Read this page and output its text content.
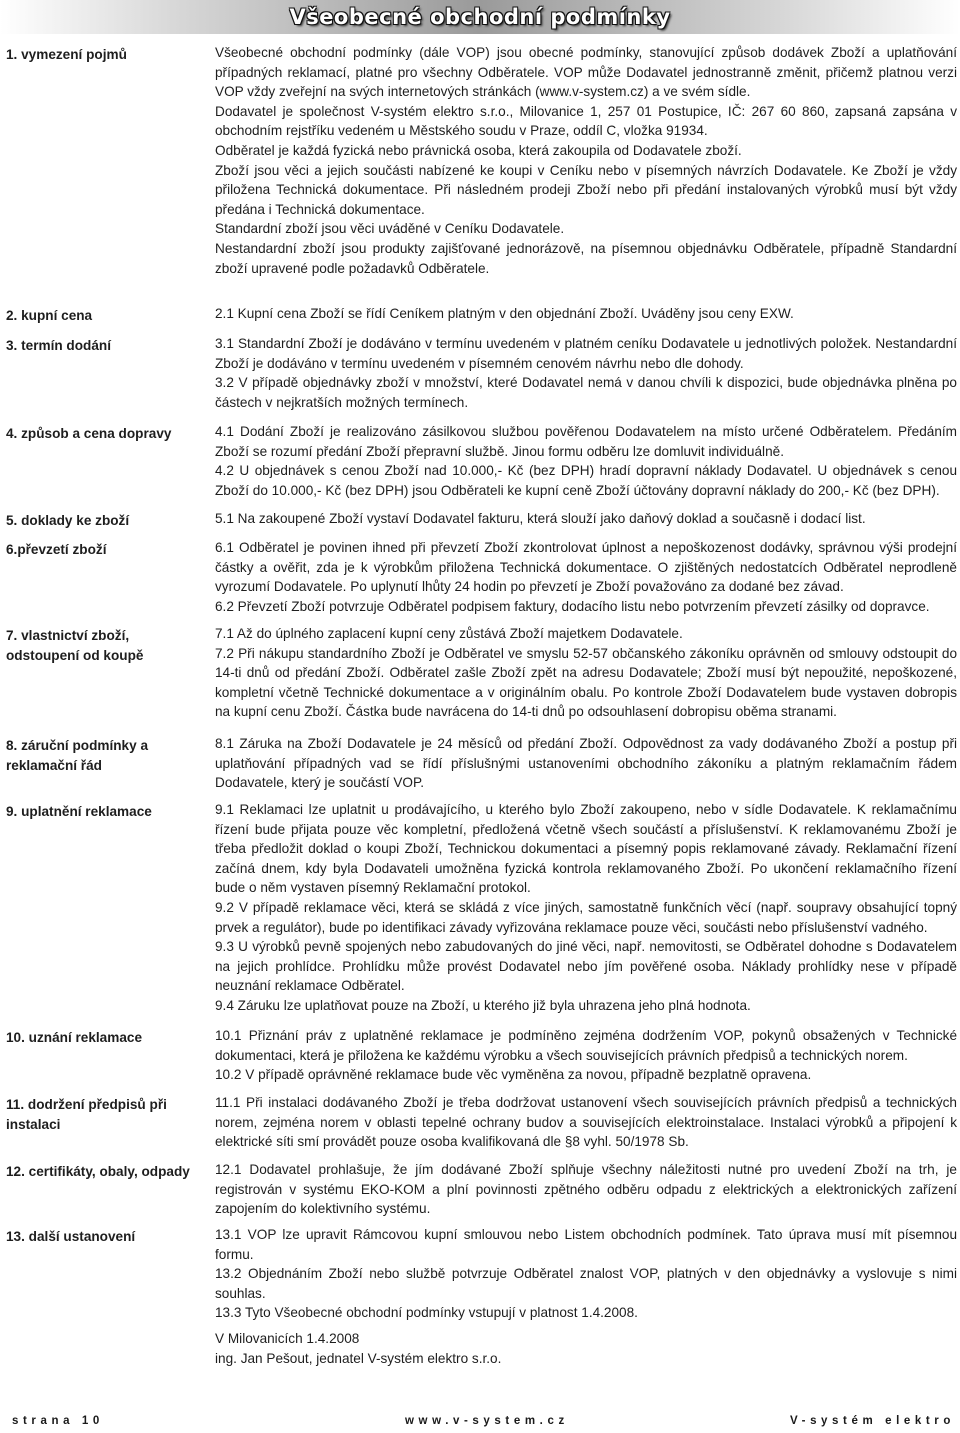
Všeobecné obchodní podmínky
1. vymezení pojmů	Všeobecné obchodní podmínky (dále VOP) jsou obecné podmínky, stanovující způsob dodávek Zboží a uplatňování případných reklamací, platné pro všechny Odběratele. VOP může Dodavatel jednostranně změnit, přičemž platnou verzi VOP vždy zveřejní na svých internetových stránkách (www.v-system.cz) a ve svém sídle.

Dodavatel je společnost V-systém elektro s.r.o., Milovanice 1, 257 01 Postupice, IČ: 267 60 860, zapsaná zapsána v obchodním rejstříku vedeném u Městského soudu v Praze, oddíl C, vložka 91934.

Odběratel je každá fyzická nebo právnická osoba, která zakoupila od Dodavatele zboží.

Zboží jsou věci a jejich součásti nabízené ke koupi v Ceníku nebo v písemných návrzích Dodavatele. Ke Zboží je vždy přiložena Technická dokumentace. Při následném prodeji Zboží nebo při předání instalovaných výrobků musí být vždy předána i Technická dokumentace.

Standardní zboží jsou věci uváděné v Ceníku Dodavatele.

Nestandardní zboží jsou produkty zajišťované jednorázově, na písemnou objednávku Odběratele, případně Standardní zboží upravené podle požadavků Odběratele.

2. kupní cena	2.1 Kupní cena Zboží se řídí Ceníkem platným v den objednání Zboží. Uváděny jsou ceny EXW.

3. termín dodání	3.1 Standardní Zboží je dodáváno v termínu uvedeném v platném ceníku Dodavatele u jednotlivých položek. Nestandardní Zboží je dodáváno v termínu uvedeném v písemném cenovém návrhu nebo dle dohody.

3.2 V případě objednávky zboží v množství, které Dodavatel nemá v danou chvíli k dispozici, bude objednávka plněna po částech v nejkratších možných termínech.

4. způsob a cena dopravy	4.1 Dodání Zboží je realizováno zásilkovou službou pověřenou Dodavatelem na místo určené Odběratelem. Předáním Zboží se rozumí předání Zboží přepravní službě. Jinou formu odběru lze domluvit individuálně.

4.2 U objednávek s cenou Zboží nad 10.000,- Kč (bez DPH) hradí dopravní náklady Dodavatel. U objednávek s cenou Zboží do 10.000,- Kč (bez DPH) jsou Odběrateli ke kupní ceně Zboží účtovány dopravní náklady do 200,- Kč (bez DPH).

5. doklady ke zboží	5.1 Na zakoupené Zboží vystaví Dodavatel fakturu, která slouží jako daňový doklad a současně i dodací list.

6.převzetí zboží	6.1 Odběratel je povinen ihned při převzetí Zboží zkontrolovat úplnost a nepoškozenost dodávky, správnou výši prodejní částky a ověřit, zda je k výrobkům přiložena Technická dokumentace. O zjištěných nedostatcích Odběratel neprodleně vyrozumí Dodavatele. Po uplynutí lhůty 24 hodin po převzetí je Zboží považováno za dodané bez závad.

6.2 Převzetí Zboží potvrzuje Odběratel podpisem faktury, dodacího listu nebo potvrzením převzetí zásilky od dopravce.

7. vlastnictví zboží, odstoupení od koupě

7.1 Až do úplného zaplacení kupní ceny zůstává Zboží majetkem Dodavatele.

7.2 Při nákupu standardního Zboží je Odběratel ve smyslu 52-57 občanského zákoníku oprávněn od smlouvy odstoupit do 14-ti dnů od předání Zboží. Odběratel zašle Zboží zpět na adresu Dodavatele; Zboží musí být nepoužité, nepoškozené, kompletní včetně Technické dokumentace a v originálním obalu. Po kontrole Zboží Dodavatelem bude vystaven dobropis na kupní cenu Zboží. Částka bude navrácena do 14-ti dnů po odsouhlasení dobropisu oběma stranami.

8. záruční podmínky a reklamační řád

8.1 Záruka na Zboží Dodavatele je 24 měsíců od předání Zboží. Odpovědnost za vady dodávaného Zboží a postup při uplatňování případných vad se řídí příslušnými ustanoveními obchodního zákoníku a platným reklamačním řádem Dodavatele, který je součástí VOP.

9. uplatnění reklamace	9.1 Reklamaci lze uplatnit u prodávajícího, u kterého bylo Zboží zakoupeno, nebo v sídle Dodavatele. K reklamačnímu řízení bude přijata pouze věc kompletní, předložená včetně všech součástí a příslušenství. K reklamovanému Zboží je třeba předložit doklad o koupi Zboží, Technickou dokumentaci a písemný popis reklamované závady. Reklamační řízení začíná dnem, kdy byla Dodavateli umožněna fyzická kontrola reklamovaného Zboží. Po ukončení reklamačního řízení bude o něm vystaven písemný Reklamační protokol.

9.2 V případě reklamace věci, která se skládá z více jiných, samostatně funkčních věcí (např. soupravy obsahující topný prvek a regulátor), bude po identifikaci závady vyřizována reklamace pouze věci, součásti nebo příslušenství vadného.

9.3 U výrobků pevně spojených nebo zabudovaných do jiné věci, např. nemovitosti, se Odběratel dohodne s Dodavatelem na jejich prohlídce. Prohlídku může provést Dodavatel nebo jím pověřené osoba. Náklady prohlídky nese v případě neuznání reklamace Odběratel.

9.4 Záruku lze uplatňovat pouze na Zboží, u kterého již byla uhrazena jeho plná hodnota.

10. uznání reklamace	10.1 Přiznání práv z uplatněné reklamace je podmíněno zejména dodržením VOP, pokynů obsažených v Technické dokumentaci, která je přiložena ke každému výrobku a všech souvisejících právních předpisů a technických norem.

10.2 V případě oprávněné reklamace bude věc vyměněna za novou, případně bezplatně opravena.

11. dodržení předpisů při instalaci

11.1 Při instalaci dodávaného Zboží je třeba dodržovat ustanovení všech souvisejících právních předpisů a technických norem, zejména norem v oblasti tepelné ochrany budov a souvisejících elektroinstalace. Instalaci výrobků a připojení k elektrické síti smí provádět pouze osoba kvalifikovaná dle §8 vyhl. 50/1978 Sb.

12. certifikáty, obaly, odpady	12.1 Dodavatel prohlašuje, že jím dodávané Zboží splňuje všechny náležitosti nutné pro uvedení Zboží na trh, je registrován v systému EKO-KOM a plní povinnosti zpětného odběru odpadu z elektrických a elektronických zařízení zapojením do kolektivního systému.

13. další ustanovení	13.1 VOP lze upravit Rámcovou kupní smlouvou nebo Listem obchodních podmínek. Tato úprava musí mít písemnou formu.

13.2 Objednáním Zboží nebo službě potvrzuje Odběratel znalost VOP, platných v den objednávky a vyslovuje s nimi souhlas.

13.3 Tyto Všeobecné obchodní podmínky vstupují v platnost 1.4.2008.

V Milovanicích 1.4.2008

ing. Jan Pešout, jednatel V-systém elektro s.r.o.

strana 10	www.v-system.cz	V-systém elektro
